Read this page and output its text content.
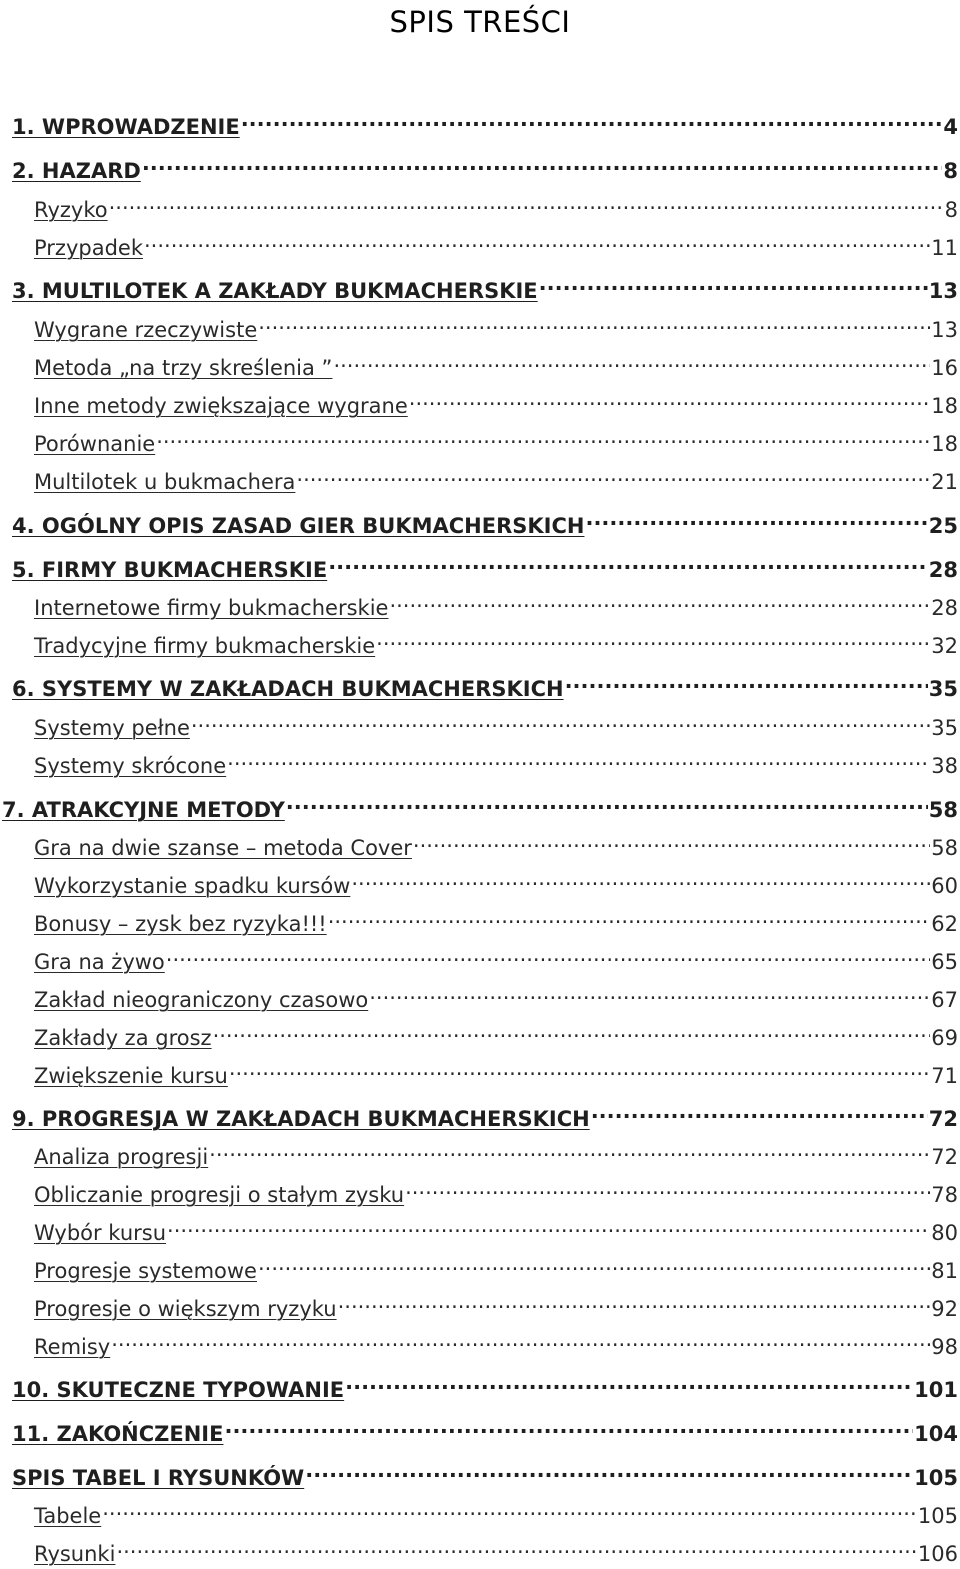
SPIS TREŚCI
1. WPROWADZENIE .....	4
2. HAZARD .....	8
Ryzyko .....	8
Przypadek .....	11
3. MULTILOTEK A ZAKŁADY BUKMACHERSKIE .....	13
Wygrane rzeczywiste .....	13
Metoda „na trzy skreślenia ” .....	16
Inne metody zwiększające wygrane .....	18
Porównanie .....	18
Multilotek u bukmachera .....	21
4. OGÓLNY OPIS ZASAD GIER BUKMACHERSKICH .....	25
5. FIRMY BUKMACHERSKIE .....	28
Internetowe firmy bukmacherskie .....	28
Tradycyjne firmy bukmacherskie .....	32
6. SYSTEMY W ZAKŁADACH BUKMACHERSKICH .....	35
Systemy pełne .....	35
Systemy skrócone .....	38
7. ATRAKCYJNE METODY .....	58
Gra na dwie szanse – metoda Cover .....	58
Wykorzystanie spadku kursów .....	60
Bonusy – zysk bez ryzyka!!! .....	62
Gra na żywo .....	65
Zakład nieograniczony czasowo .....	67
Zakłady za grosz .....	69
Zwiększenie kursu .....	71
9. PROGRESJA W ZAKŁADACH BUKMACHERSKICH .....	72
Analiza progresji .....	72
Obliczanie progresji o stałym zysku .....	78
Wybór kursu .....	80
Progresje systemowe .....	81
Progresje o większym ryzyku .....	92
Remisy .....	98
10. SKUTECZNE TYPOWANIE .....	101
11. ZAKOŃCZENIE .....	104
SPIS TABEL I RYSUNKÓW .....	105
Tabele .....	105
Rysunki .....	106
